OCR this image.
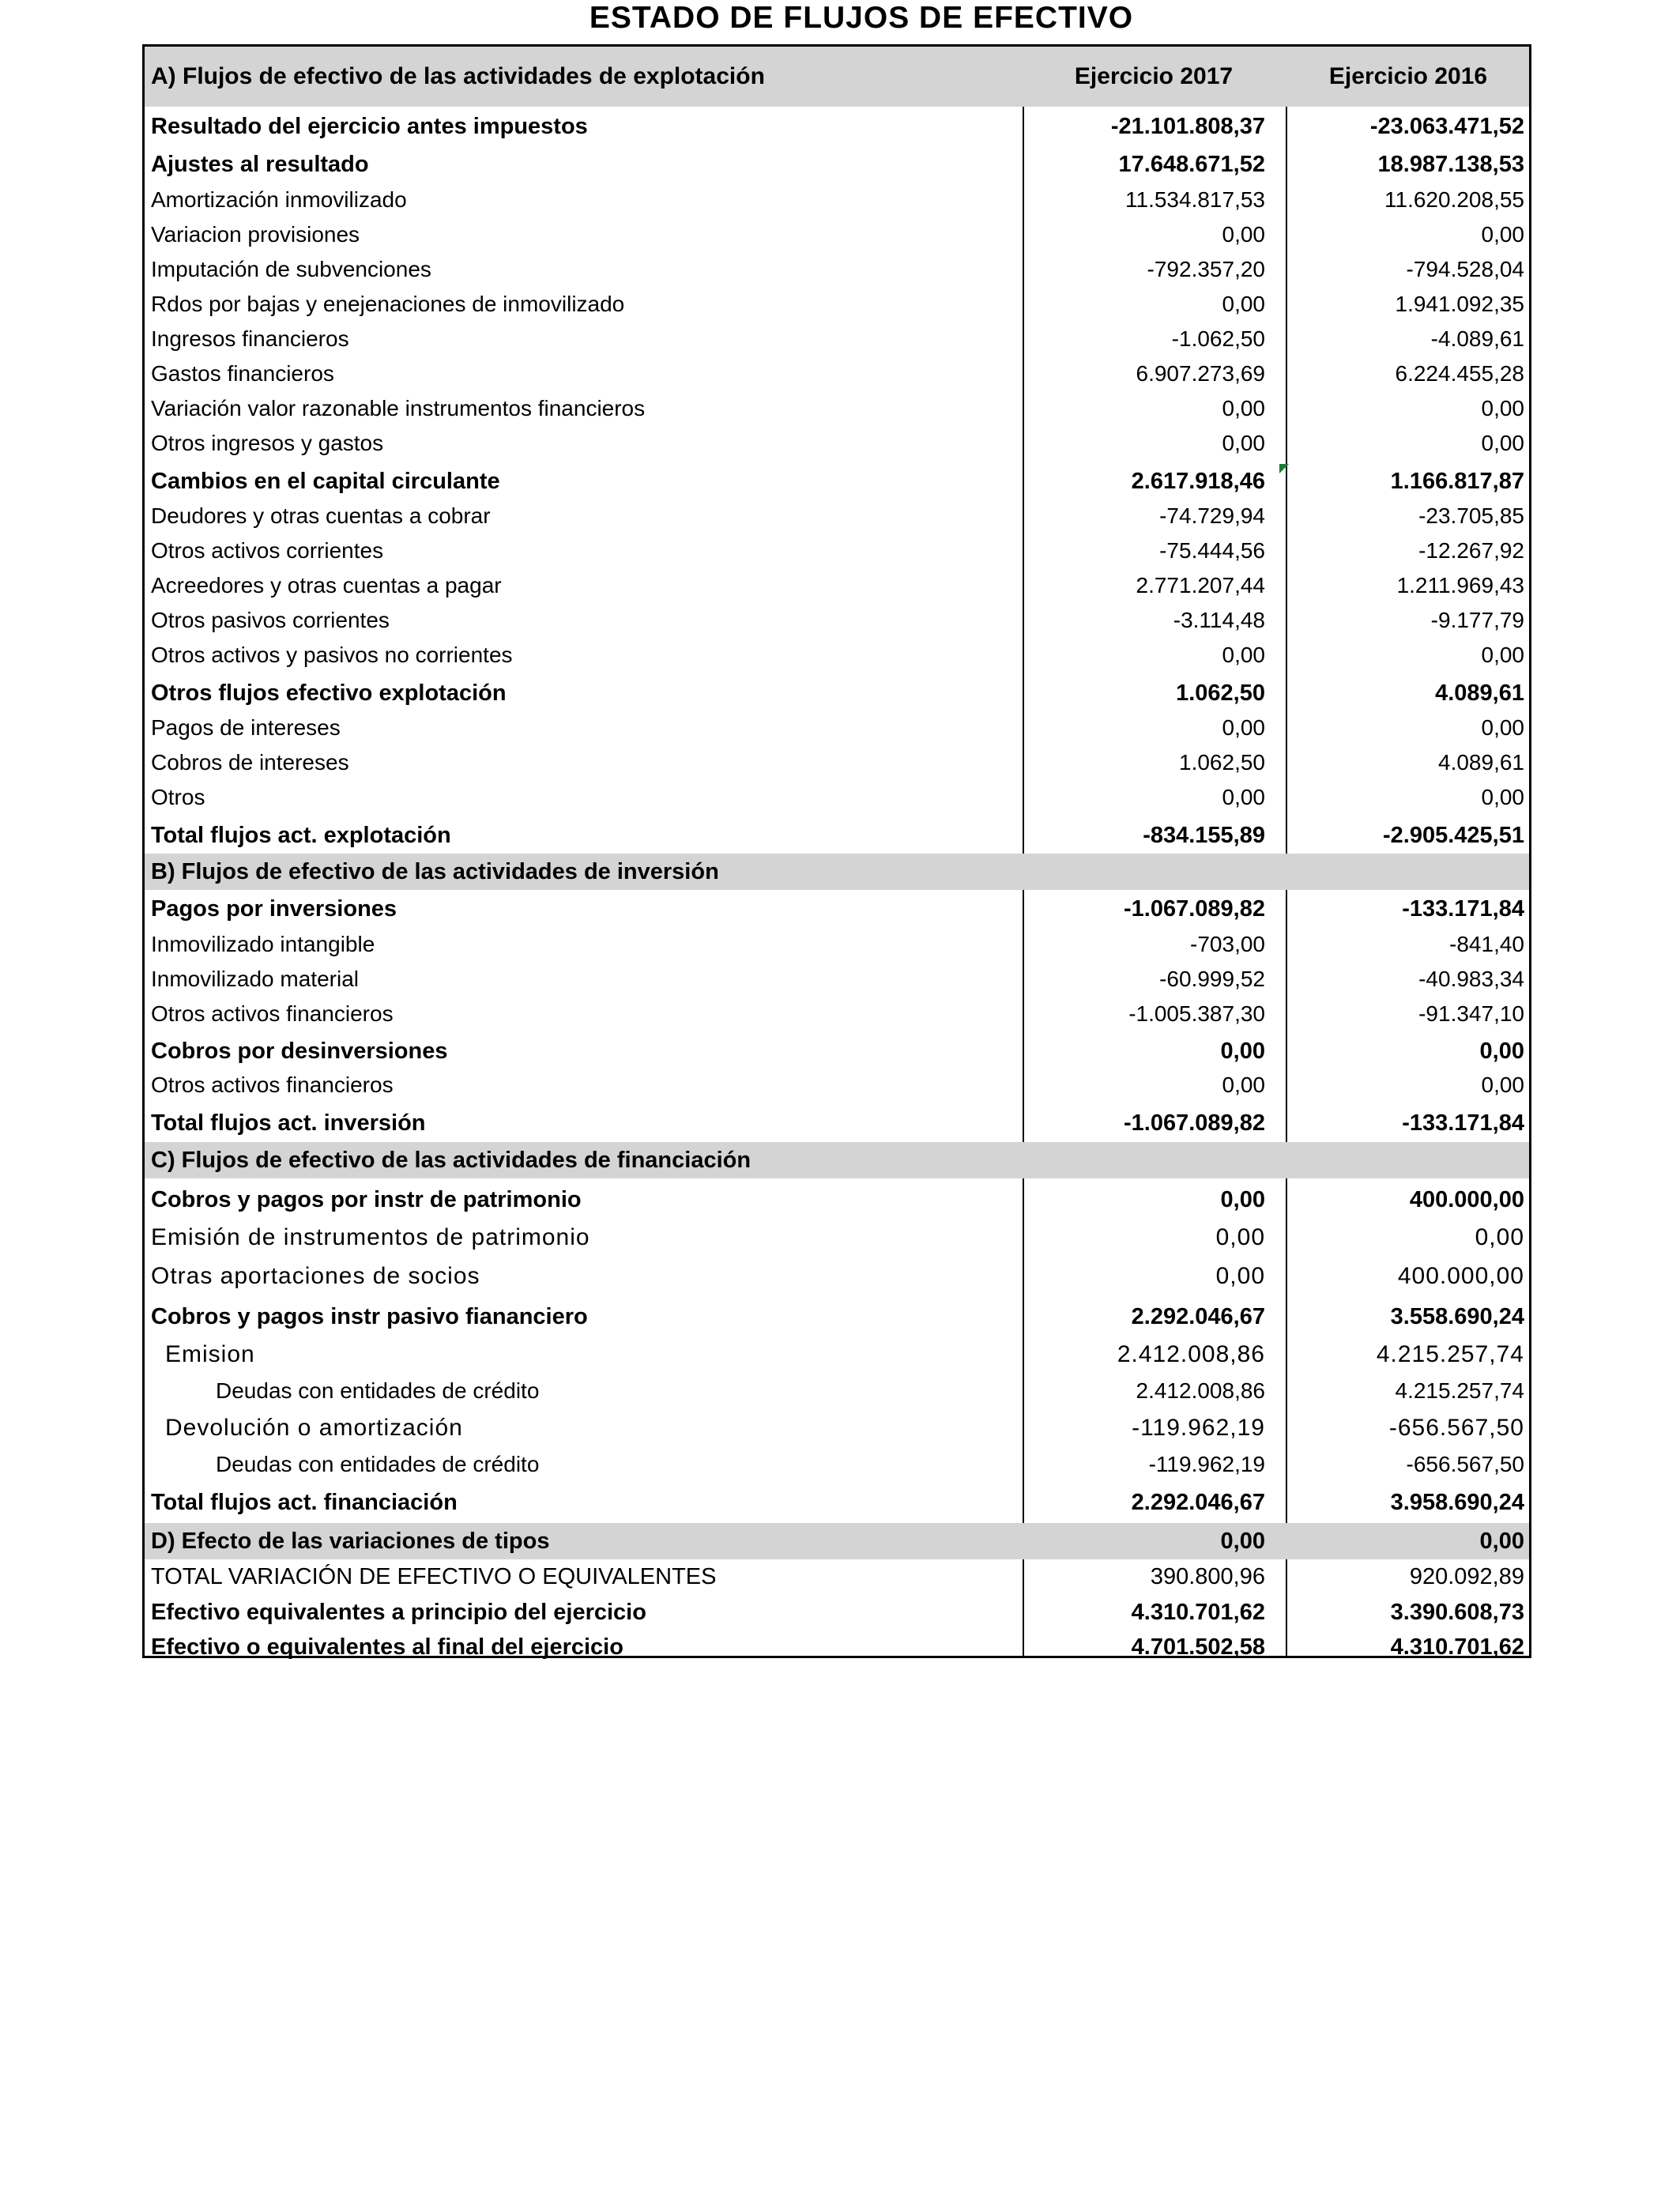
ESTADO DE FLUJOS DE EFECTIVO
A) Flujos de efectivo de las actividades de explotación	Ejercicio 2017	Ejercicio 2016
Resultado del ejercicio antes impuestos	-21.101.808,37	-23.063.471,52
Ajustes al resultado	17.648.671,52	18.987.138,53
Amortización inmovilizado	11.534.817,53	11.620.208,55
Variacion provisiones	0,00	0,00
Imputación de subvenciones	-792.357,20	-794.528,04
Rdos por bajas y enejenaciones de inmovilizado	0,00	1.941.092,35
Ingresos financieros	-1.062,50	-4.089,61
Gastos financieros	6.907.273,69	6.224.455,28
Variación valor razonable instrumentos financieros	0,00	0,00
Otros ingresos y gastos	0,00	0,00
Cambios en el capital circulante	2.617.918,46	1.166.817,87
Deudores y otras cuentas a cobrar	-74.729,94	-23.705,85
Otros activos corrientes	-75.444,56	-12.267,92
Acreedores y otras cuentas a pagar	2.771.207,44	1.211.969,43
Otros pasivos corrientes	-3.114,48	-9.177,79
Otros activos y pasivos no corrientes	0,00	0,00
Otros flujos efectivo explotación	1.062,50	4.089,61
Pagos de intereses	0,00	0,00
Cobros de intereses	1.062,50	4.089,61
Otros	0,00	0,00
Total flujos act. explotación	-834.155,89	-2.905.425,51
B) Flujos de efectivo de las actividades de inversión
Pagos por inversiones	-1.067.089,82	-133.171,84
Inmovilizado intangible	-703,00	-841,40
Inmovilizado material	-60.999,52	-40.983,34
Otros activos financieros	-1.005.387,30	-91.347,10
Cobros por desinversiones	0,00	0,00
Otros activos financieros	0,00	0,00
Total flujos act. inversión	-1.067.089,82	-133.171,84
C) Flujos de efectivo de las actividades de financiación
Cobros y pagos por instr de patrimonio	0,00	400.000,00
Emisión de instrumentos de patrimonio	0,00	0,00
Otras aportaciones de socios	0,00	400.000,00
Cobros y pagos instr pasivo fiananciero	2.292.046,67	3.558.690,24
Emision	2.412.008,86	4.215.257,74
Deudas con entidades de crédito	2.412.008,86	4.215.257,74
Devolución o amortización	-119.962,19	-656.567,50
Deudas con entidades de crédito	-119.962,19	-656.567,50
Total flujos act. financiación	2.292.046,67	3.958.690,24
D) Efecto de las variaciones de tipos	0,00	0,00
TOTAL VARIACIÓN DE EFECTIVO O EQUIVALENTES	390.800,96	920.092,89
Efectivo equivalentes a principio del ejercicio	4.310.701,62	3.390.608,73
Efectivo o equivalentes al final del ejercicio	4.701.502,58	4.310.701,62
